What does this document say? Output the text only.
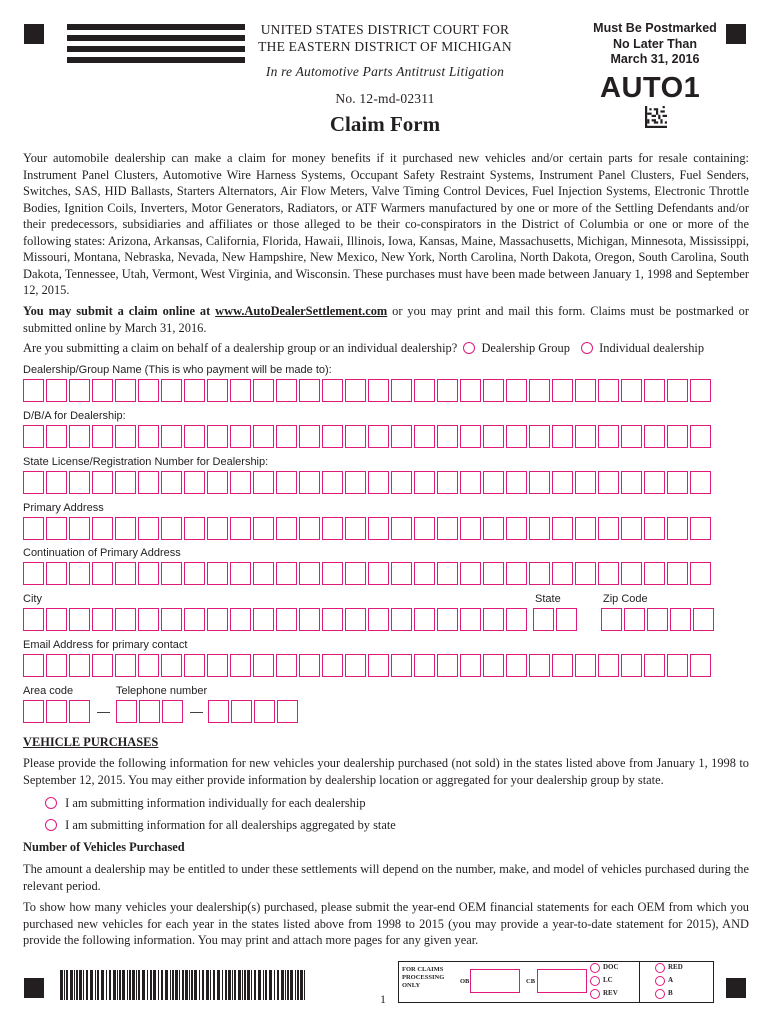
UNITED STATES DISTRICT COURT FOR
THE EASTERN DISTRICT OF MICHIGAN
In re Automotive Parts Antitrust Litigation
No. 12-md-02311
Must Be Postmarked
No Later Than
March 31, 2016
AUTO1
Claim Form
Your automobile dealership can make a claim for money benefits if it purchased new vehicles and/or certain parts for resale containing: Instrument Panel Clusters, Automotive Wire Harness Systems, Occupant Safety Restraint Systems, Instrument Panel Clusters, Fuel Senders, Switches, SAS, HID Ballasts, Starters Alternators, Air Flow Meters, Valve Timing Control Devices, Fuel Injection Systems, Electronic Throttle Bodies, Ignition Coils, Inverters, Motor Generators, Radiators, or ATF Warmers manufactured by one or more of the Settling Defendants and/or their predecessors, subsidiaries and affiliates or those alleged to be their co-conspirators in the District of Columbia or one or more of the following states: Arizona, Arkansas, California, Florida, Hawaii, Illinois, Iowa, Kansas, Maine, Massachusetts, Michigan, Minnesota, Mississippi, Missouri, Montana, Nebraska, Nevada, New Hampshire, New Mexico, New York, North Carolina, North Dakota, Oregon, South Carolina, South Dakota, Tennessee, Utah, Vermont, West Virginia, and Wisconsin. These purchases must have been made between January 1, 1998 and September 12, 2015.
You may submit a claim online at www.AutoDealerSettlement.com or you may print and mail this form. Claims must be postmarked or submitted online by March 31, 2016.
Are you submitting a claim on behalf of a dealership group or an individual dealership? Dealership Group Individual dealership
Dealership/Group Name (This is who payment will be made to):
D/B/A for Dealership:
State License/Registration Number for Dealership:
Primary Address
Continuation of Primary Address
City	State	Zip Code
Email Address for primary contact
Area code	Telephone number
—	—
VEHICLE PURCHASES
Please provide the following information for new vehicles your dealership purchased (not sold) in the states listed above from January 1, 1998 to September 12, 2015. You may either provide information by dealership location or aggregated for your dealership group by state.
I am submitting information individually for each dealership
I am submitting information for all dealerships aggregated by state
Number of Vehicles Purchased
The amount a dealership may be entitled to under these settlements will depend on the number, make, and model of vehicles purchased during the relevant period.
To show how many vehicles your dealership(s) purchased, please submit the year-end OEM financial statements for each OEM from which you purchased new vehicles for each year in the states listed above from 1998 to 2015 (you may provide a year-to-date statement for 2015), AND provide the following information. You may print and attach more pages for any given year.
FOR CLAIMS
PROCESSING
ONLY
OB	CB
DOC
LC
REV
RED
A
B
1
